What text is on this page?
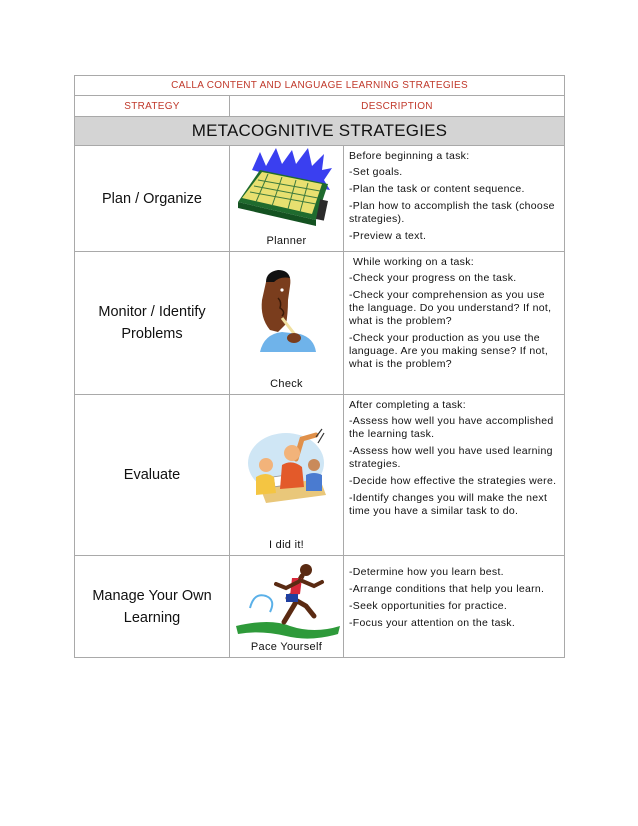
CALLA CONTENT AND LANGUAGE LEARNING STRATEGIES		
STRATEGY	DESCRIPTION	
METACOGNITIVE STRATEGIES		
Plan / Organize	Planner	Before beginning a task:

-Set goals.

-Plan the task or content sequence.

-Plan how to accomplish the task (choose strategies).

-Preview a text.

Monitor / Identify Problems	Check	While working on a task:

-Check your progress on the task.

-Check your comprehension as you use the language. Do you understand? If not, what is the problem?

-Check your production as you use the language. Are you making sense? If not, what is the problem?

Evaluate	I did it!	After completing a task:

-Assess how well you have accomplished the learning task.

-Assess how well you have used learning strategies.

-Decide how effective the strategies were.

-Identify changes you will make the next time you have a similar task to do.

Manage Your Own Learning	Pace Yourself	-Determine how you learn best.

-Arrange conditions that help you learn.

-Seek opportunities for practice.

-Focus your attention on the task.
